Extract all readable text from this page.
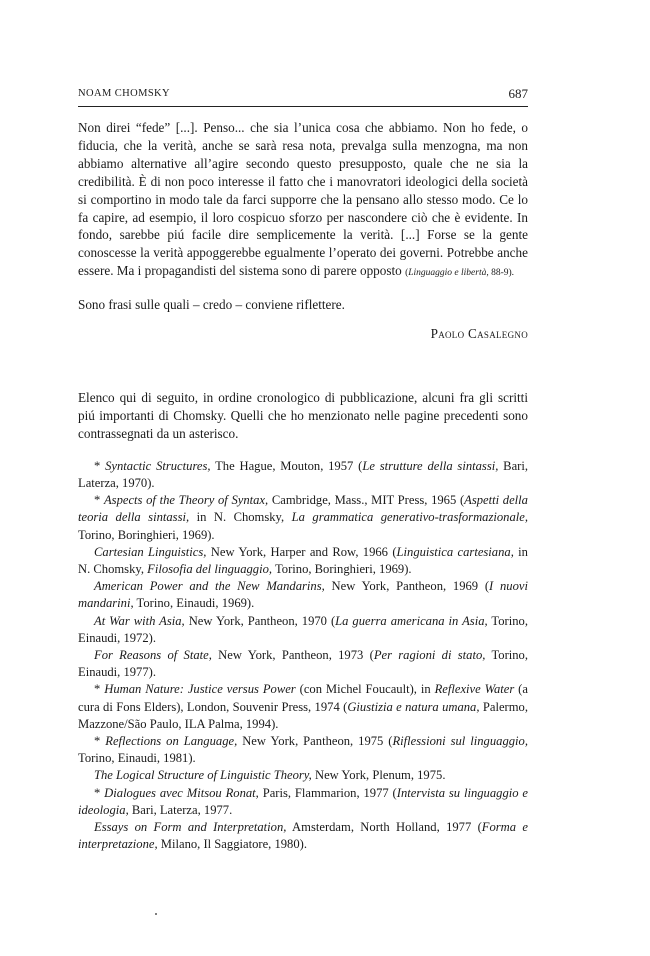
NOAM CHOMSKY	687

Non direi “fede” [...]. Penso... che sia l’unica cosa che abbiamo. Non ho fede, o fiducia, che la verità, anche se sarà resa nota, prevalga sulla menzogna, ma non abbiamo alternative all’agire secondo questo presupposto, quale che ne sia la credibilità. È di non poco interesse il fatto che i manovratori ideologici della società si comportino in modo tale da farci supporre che la pensano allo stesso modo. Ce lo fa capire, ad esempio, il loro cospicuo sforzo per nascondere ciò che è evidente. In fondo, sarebbe piú facile dire semplicemente la verità. [...] Forse se la gente conoscesse la verità appoggerebbe egualmente l’operato dei governi. Potrebbe anche essere. Ma i propagandisti del sistema sono di parere opposto (Linguaggio e libertà, 88-9).

Sono frasi sulle quali – credo – conviene riflettere.

Paolo Casalegno

Elenco qui di seguito, in ordine cronologico di pubblicazione, alcuni fra gli scritti piú importanti di Chomsky. Quelli che ho menzionato nelle pagine precedenti sono contrassegnati da un asterisco.

* Syntactic Structures, The Hague, Mouton, 1957 (Le strutture della sintassi, Bari, Laterza, 1970).

* Aspects of the Theory of Syntax, Cambridge, Mass., MIT Press, 1965 (Aspetti della teoria della sintassi, in N. Chomsky, La grammatica generativo-trasformazionale, Torino, Boringhieri, 1969).

Cartesian Linguistics, New York, Harper and Row, 1966 (Linguistica cartesiana, in N. Chomsky, Filosofia del linguaggio, Torino, Boringhieri, 1969).

American Power and the New Mandarins, New York, Pantheon, 1969 (I nuovi mandarini, Torino, Einaudi, 1969).

At War with Asia, New York, Pantheon, 1970 (La guerra americana in Asia, Torino, Einaudi, 1972).

For Reasons of State, New York, Pantheon, 1973 (Per ragioni di stato, Torino, Einaudi, 1977).

* Human Nature: Justice versus Power (con Michel Foucault), in Reflexive Water (a cura di Fons Elders), London, Souvenir Press, 1974 (Giustizia e natura umana, Palermo, Mazzone/São Paulo, ILA Palma, 1994).

* Reflections on Language, New York, Pantheon, 1975 (Riflessioni sul linguaggio, Torino, Einaudi, 1981).

The Logical Structure of Linguistic Theory, New York, Plenum, 1975.

* Dialogues avec Mitsou Ronat, Paris, Flammarion, 1977 (Intervista su linguaggio e ideologia, Bari, Laterza, 1977.

Essays on Form and Interpretation, Amsterdam, North Holland, 1977 (Forma e interpretazione, Milano, Il Saggiatore, 1980).
